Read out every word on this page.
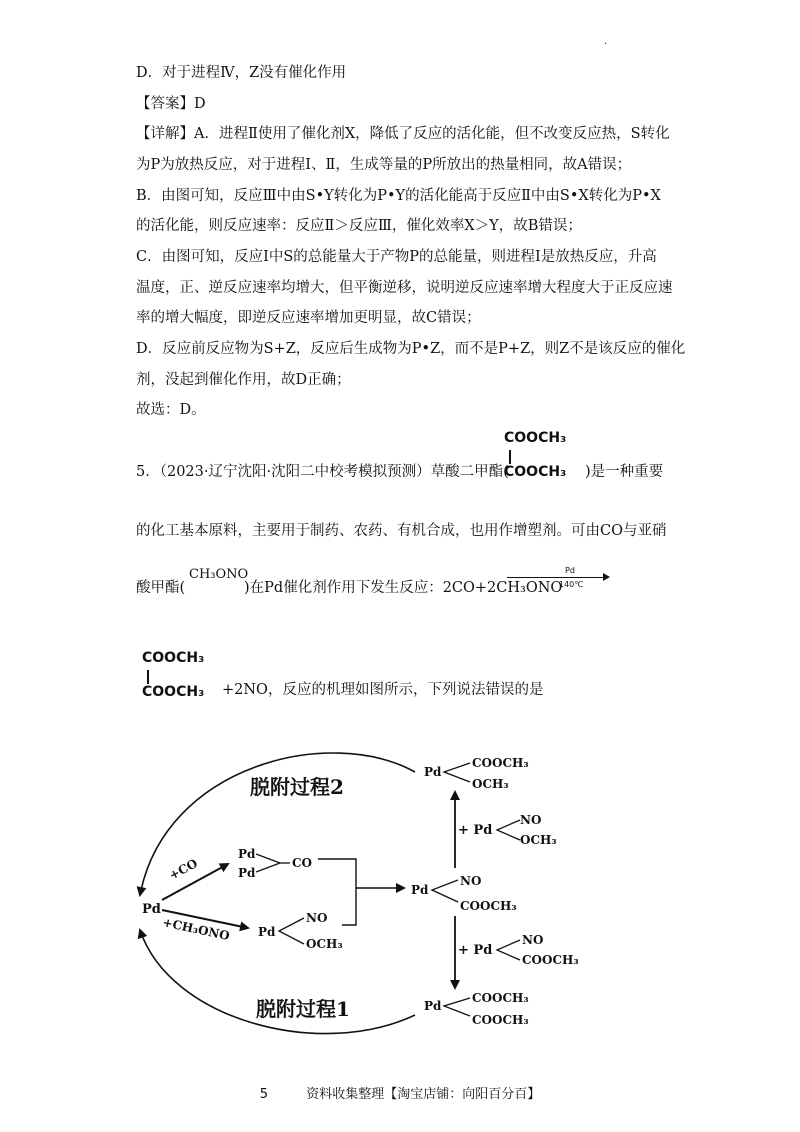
.
D．对于进程Ⅳ，Z没有催化作用
【答案】D
【详解】A．进程Ⅱ使用了催化剂X，降低了反应的活化能，但不改变反应热，S转化
为P为放热反应，对于进程Ⅰ、Ⅱ，生成等量的P所放出的热量相同，故A错误；
B．由图可知，反应Ⅲ中由S•Y转化为P•Y的活化能高于反应Ⅱ中由S•X转化为P•X
的活化能，则反应速率：反应Ⅱ＞反应Ⅲ，催化效率X＞Y，故B错误；
C．由图可知，反应Ⅰ中S的总能量大于产物P的总能量，则进程Ⅰ是放热反应，升高
温度，正、逆反应速率均增大，但平衡逆移，说明逆反应速率增大程度大于正反应速
率的增大幅度，即逆反应速率增加更明显，故C错误；
D．反应前反应物为S+Z，反应后生成物为P•Z，而不是P+Z，则Z不是该反应的催化
剂，没起到催化作用，故D正确；
故选：D。
5．（2023·辽宁沈阳·沈阳二中校考模拟预测）草酸二甲酯(
COOCH₃
COOCH₃ )是一种重要
的化工基本原料，主要用于制药、农药、有机合成，也用作增塑剂。可由CO与亚硝
酸甲酯(
CH₃ONO
)在Pd催化剂作用下发生反应：2CO+2CH₃ONO
Pd
140℃
COOCH₃
COOCH₃ +2NO，反应的机理如图所示，下列说法错误的是
脱附过程2
脱附过程1
Pd
+CO
+CH₃ONO
Pd
Pd
CO
Pd
NO
OCH₃
Pd
NO
COOCH₃
+ Pd
NO
OCH₃
Pd
COOCH₃
OCH₃
+ Pd
NO
COOCH₃
Pd
COOCH₃
COOCH₃
5	资料收集整理【淘宝店铺：向阳百分百】
